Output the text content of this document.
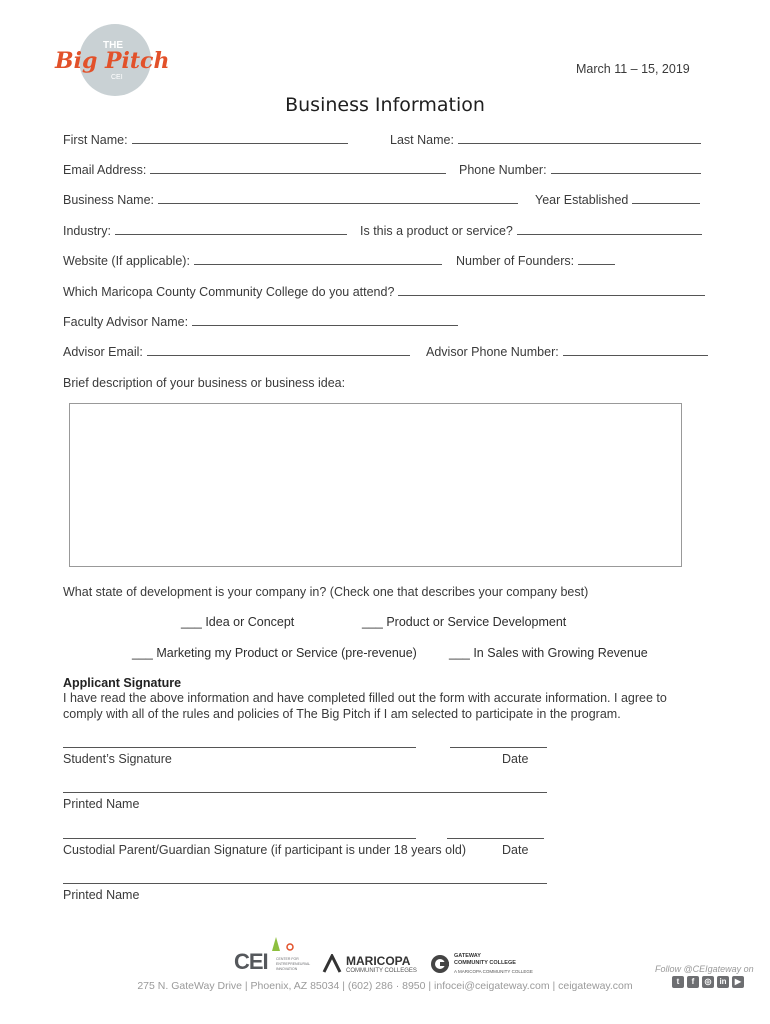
THE
Big Pitch
CEI
March 11 – 15, 2019
Business Information
First Name:	Last Name:
Email Address:	Phone Number:
Business Name:	Year Established
Industry:	Is this a product or service?
Website (If applicable):	Number of Founders:
Which Maricopa County Community College do you attend?
Faculty Advisor Name:
Advisor Email:	Advisor Phone Number:
Brief description of your business or business idea:
What state of development is your company in? (Check one that describes your company best)
___ Idea or Concept	___ Product or Service Development
___ Marketing my Product or Service (pre-revenue)	___ In Sales with Growing Revenue
Applicant Signature
I have read the above information and have completed filled out the form with accurate information. I agree to
comply with all of the rules and policies of The Big Pitch if I am selected to participate in the program.
Student’s Signature	Date
Printed Name
Custodial Parent/Guardian Signature (if participant is under 18 years old)	Date
Printed Name
CEI CENTER FOR ENTREPRENEURIAL INNOVATION
MARICOPA
COMMUNITY COLLEGES
GATEWAY
COMMUNITY COLLEGE
A MARICOPA COMMUNITY COLLEGE	Follow @CEIgateway on
t	f	◎ in	▶
275 N. GateWay Drive | Phoenix, AZ 85034 | (602) 286 · 8950 | infocei@ceigateway.com | ceigateway.com
